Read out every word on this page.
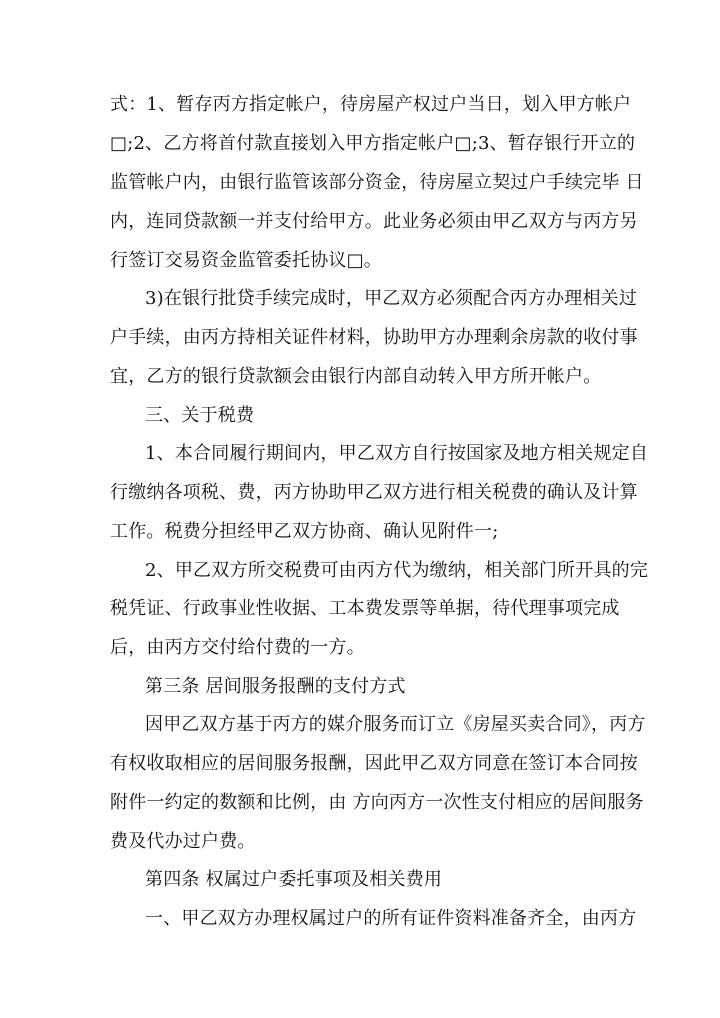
式：1、暂存丙方指定帐户，待房屋产权过户当日，划入甲方帐户
□;2、乙方将首付款直接划入甲方指定帐户□;3、暂存银行开立的
监管帐户内，由银行监管该部分资金，待房屋立契过户手续完毕 日
内，连同贷款额一并支付给甲方。此业务必须由甲乙双方与丙方另
行签订交易资金监管委托协议□。
3)在银行批贷手续完成时，甲乙双方必须配合丙方办理相关过
户手续，由丙方持相关证件材料，协助甲方办理剩余房款的收付事
宜，乙方的银行贷款额会由银行内部自动转入甲方所开帐户。
三、关于税费
1、本合同履行期间内，甲乙双方自行按国家及地方相关规定自
行缴纳各项税、费，丙方协助甲乙双方进行相关税费的确认及计算
工作。税费分担经甲乙双方协商、确认见附件一;
2、甲乙双方所交税费可由丙方代为缴纳，相关部门所开具的完
税凭证、行政事业性收据、工本费发票等单据，待代理事项完成
后，由丙方交付给付费的一方。
第三条 居间服务报酬的支付方式
因甲乙双方基于丙方的媒介服务而订立《房屋买卖合同》，丙方
有权收取相应的居间服务报酬，因此甲乙双方同意在签订本合同按
附件一约定的数额和比例，由 方向丙方一次性支付相应的居间服务
费及代办过户费。
第四条 权属过户委托事项及相关费用
一、甲乙双方办理权属过户的所有证件资料准备齐全，由丙方
